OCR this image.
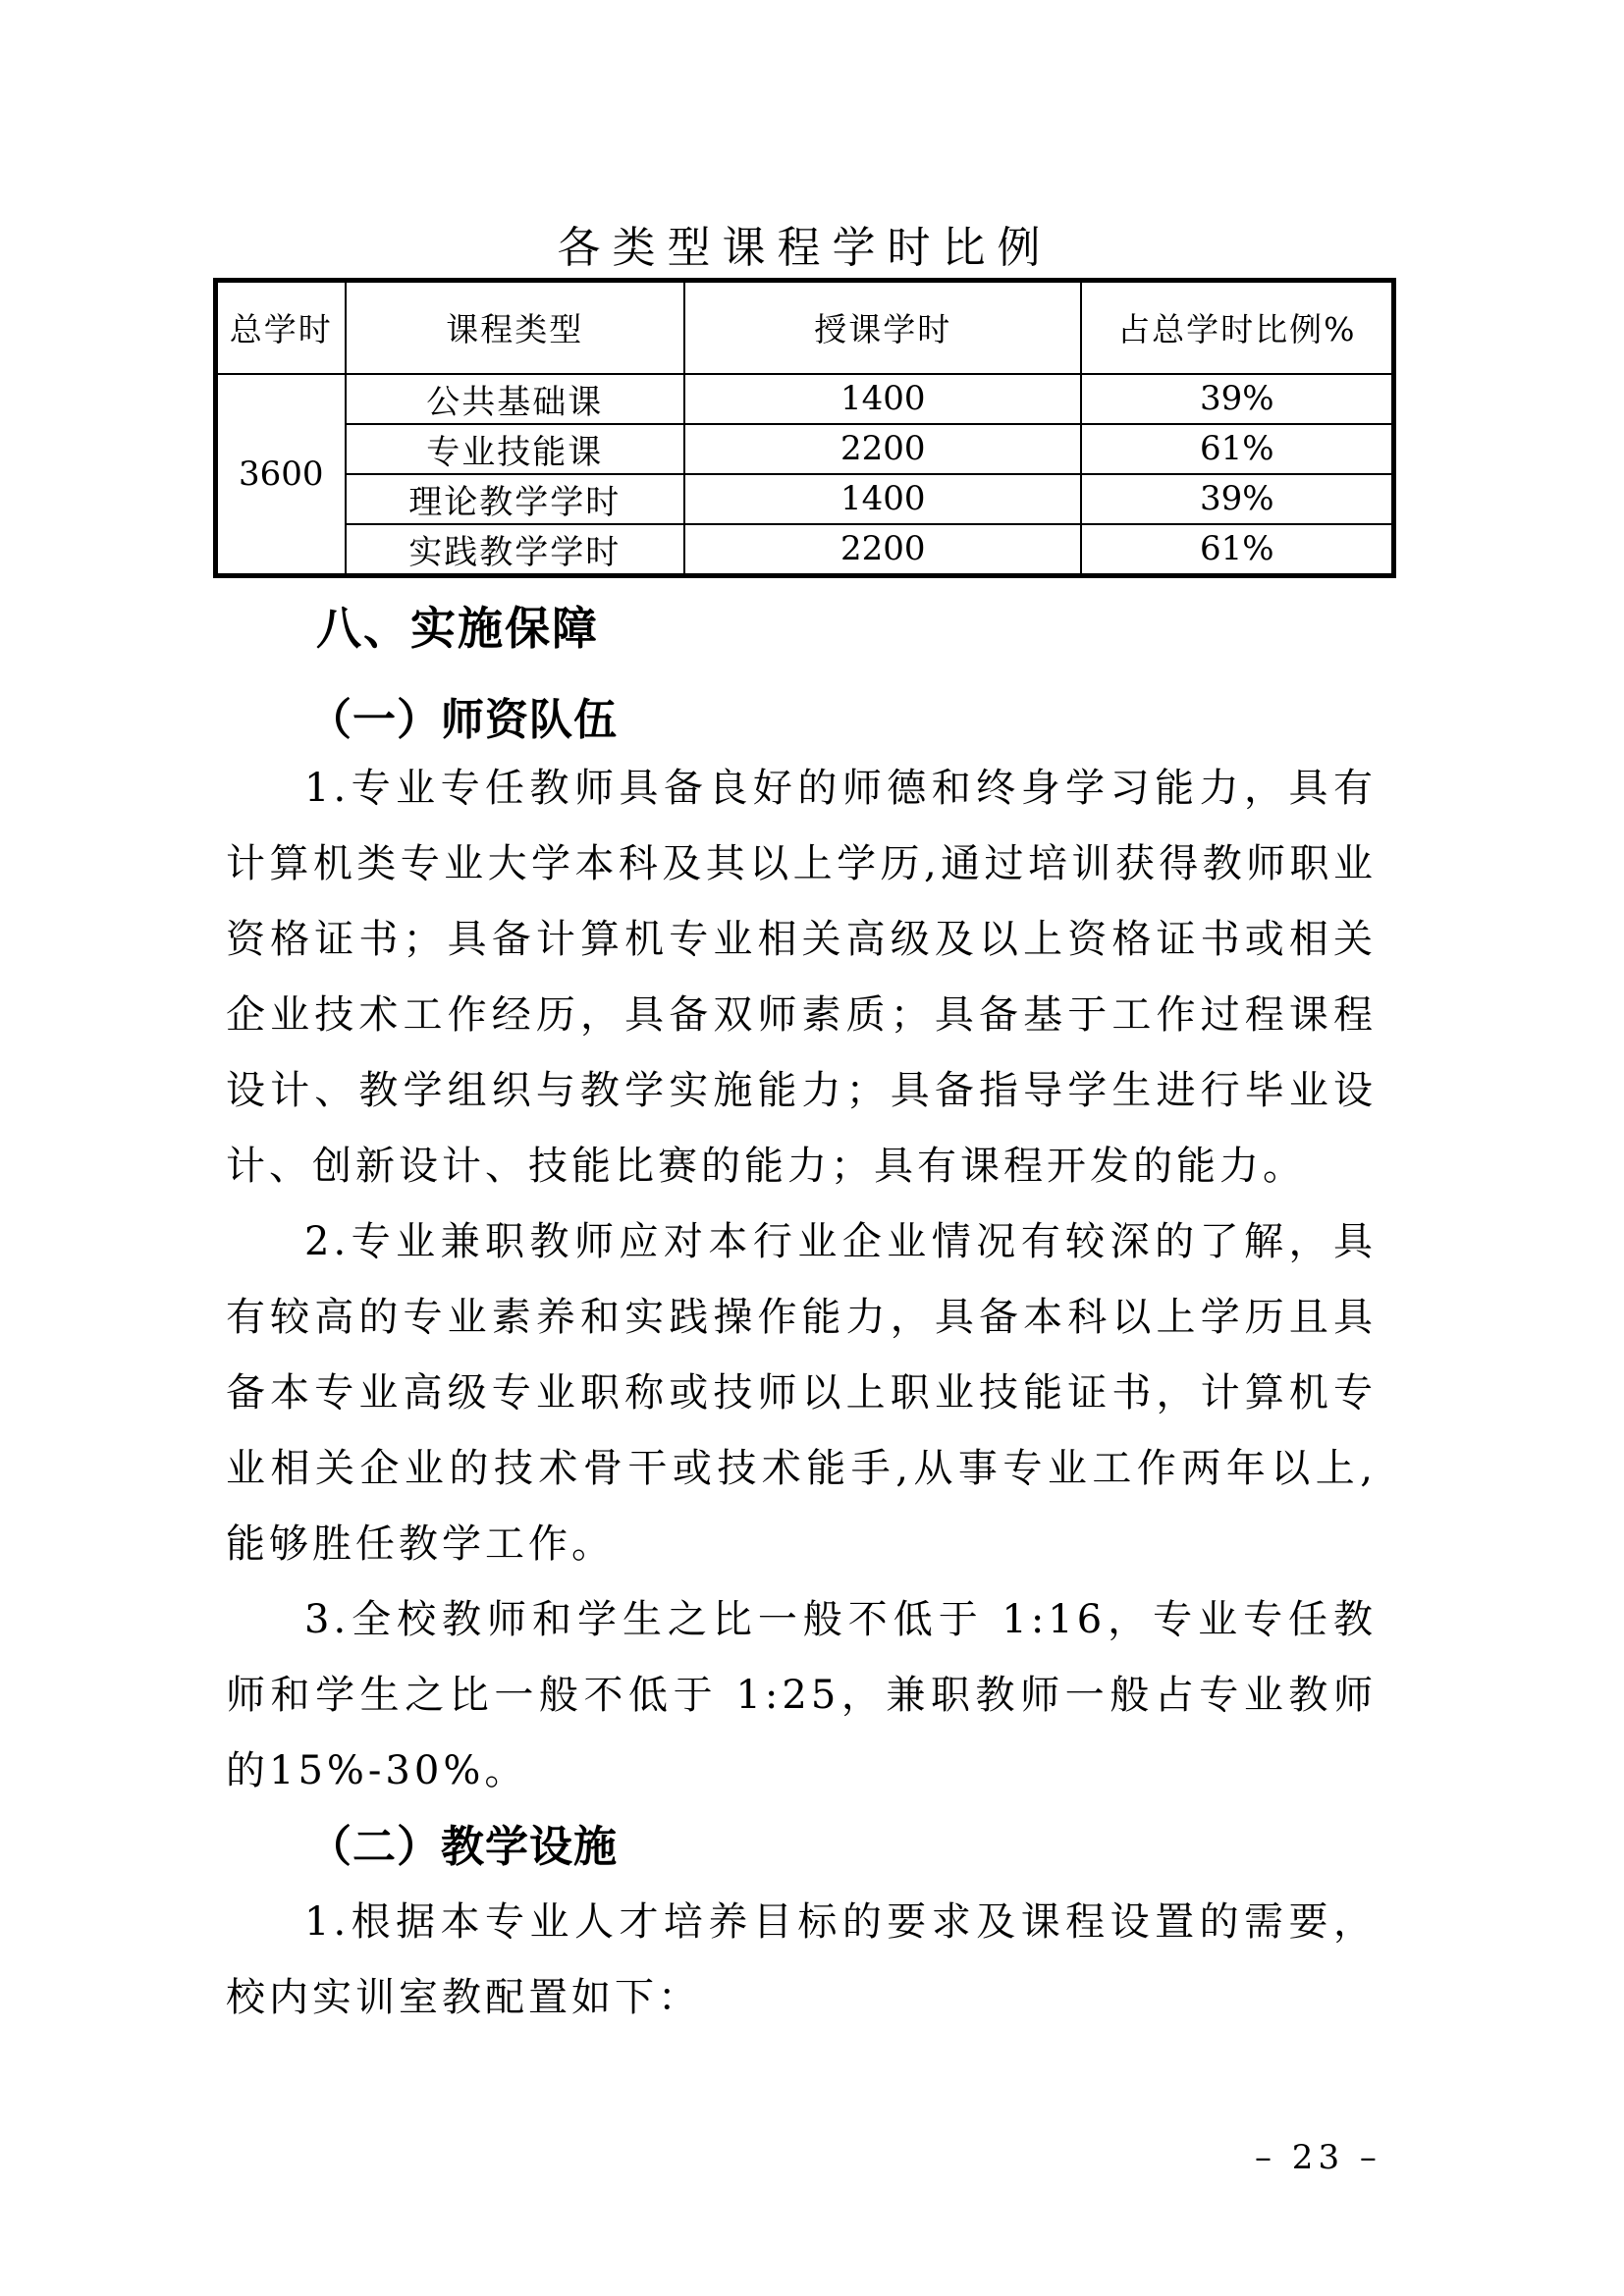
各类型课程学时比例
总学时	课程类型	授课学时	占总学时比例%
3600	公共基础课	1400	39%
	专业技能课	2200	61%
	理论教学学时	1400	39%
	实践教学学时	2200	61%
八、实施保障
（一）师资队伍

1.专业专任教师具备良好的师德和终身学习能力，具有计算机类专业大学本科及其以上学历,通过培训获得教师职业资格证书；具备计算机专业相关高级及以上资格证书或相关企业技术工作经历，具备双师素质；具备基于工作过程课程设计、教学组织与教学实施能力；具备指导学生进行毕业设计、创新设计、技能比赛的能力；具有课程开发的能力。

2.专业兼职教师应对本行业企业情况有较深的了解，具有较高的专业素养和实践操作能力，具备本科以上学历且具备本专业高级专业职称或技师以上职业技能证书，计算机专业相关企业的技术骨干或技术能手,从事专业工作两年以上,能够胜任教学工作。

3.全校教师和学生之比一般不低于 1:16，专业专任教师和学生之比一般不低于 1:25，兼职教师一般占专业教师的15%-30%。

（二）教学设施

1.根据本专业人才培养目标的要求及课程设置的需要，校内实训室教配置如下：

– 23 –
